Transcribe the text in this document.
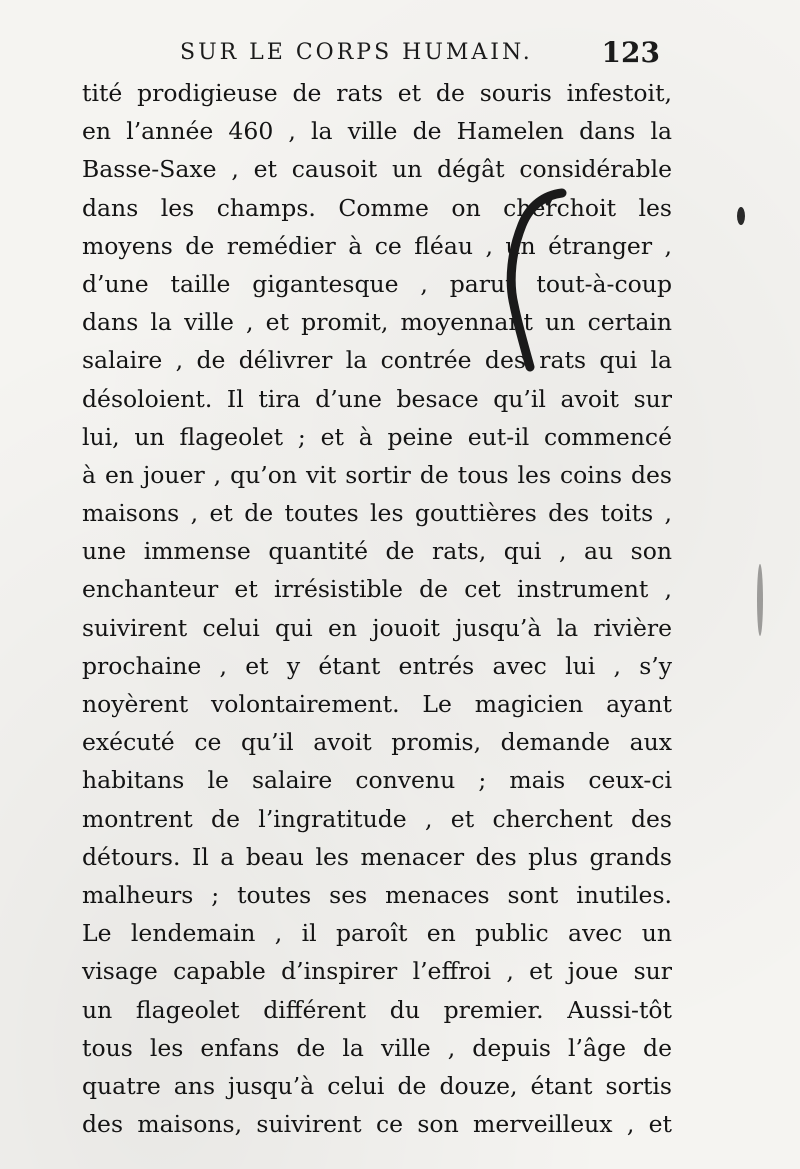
SUR LE CORPS HUMAIN. 123
tité prodigieuse de rats et de souris infestoit,
en l’année 460 , la ville de Hamelen dans la
Basse-Saxe , et causoit un dégât considérable
dans les champs. Comme on cherchoit les
moyens de remédier à ce fléau , un étranger ,
d’une taille gigantesque , parut tout-à-coup
dans la ville , et promit, moyennant un certain
salaire , de délivrer la contrée des rats qui la
désoloient. Il tira d’une besace qu’il avoit sur
lui, un flageolet ; et à peine eut-il commencé
à en jouer , qu’on vit sortir de tous les coins des
maisons , et de toutes les gouttières des toits ,
une immense quantité de rats, qui , au son
enchanteur et irrésistible de cet instrument ,
suivirent celui qui en jouoit jusqu’à la rivière
prochaine , et y étant entrés avec lui , s’y
noyèrent volontairement. Le magicien ayant
exécuté ce qu’il avoit promis, demande aux
habitans le salaire convenu ; mais ceux-ci
montrent de l’ingratitude , et cherchent des
détours. Il a beau les menacer des plus grands
malheurs ; toutes ses menaces sont inutiles.
Le lendemain , il paroît en public avec un
visage capable d’inspirer l’effroi , et joue sur
un flageolet différent du premier. Aussi-tôt
tous les enfans de la ville , depuis l’âge de
quatre ans jusqu’à celui de douze, étant sortis
des maisons, suivirent ce son merveilleux , et
